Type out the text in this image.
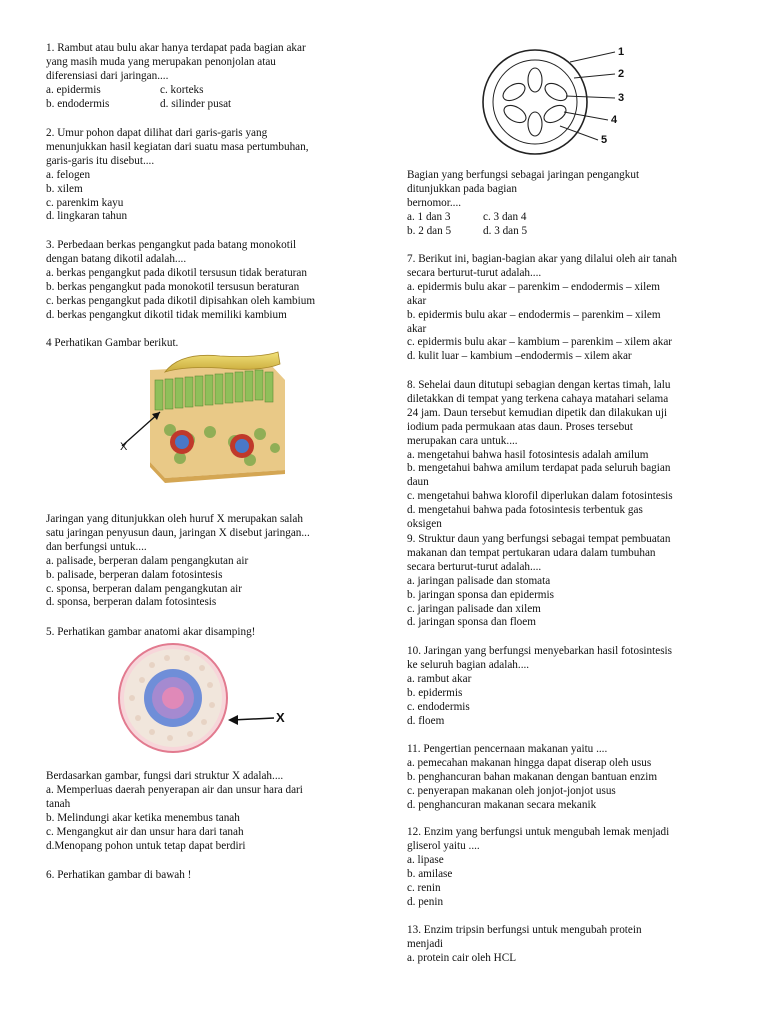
1. Rambut atau bulu akar hanya terdapat pada bagian akar
yang masih muda yang merupakan penonjolan atau
diferensiasi dari jaringan....

a. epidermis	c. korteks
b. endodermis	d. silinder pusat

2. Umur pohon dapat dilihat dari garis-garis yang
menunjukkan hasil kegiatan dari suatu masa pertumbuhan,
garis-garis itu disebut....

a. felogen

b. xilem

c. parenkim kayu

d. lingkaran tahun

3. Perbedaan berkas pengangkut pada batang monokotil
dengan batang dikotil adalah....

a. berkas pengangkut pada dikotil tersusun tidak beraturan

b. berkas pengangkut pada monokotil tersusun beraturan

c. berkas pengangkut pada dikotil dipisahkan oleh kambium

d. berkas pengangkut dikotil tidak memiliki kambium

4 Perhatikan Gambar berikut.
X

Jaringan yang ditunjukkan oleh huruf X merupakan salah
satu jaringan penyusun daun, jaringan X disebut jaringan...
dan berfungsi untuk....

a. palisade, berperan dalam pengangkutan air

b. palisade, berperan dalam fotosintesis

c. sponsa, berperan dalam pengangkutan air

d. sponsa, berperan dalam fotosintesis

5. Perhatikan gambar anatomi akar disamping!
X

Berdasarkan gambar, fungsi dari struktur X adalah....

a. Memperluas daerah penyerapan air dan unsur hara dari
tanah

b. Melindungi akar ketika menembus tanah

c. Mengangkut air dan unsur hara dari tanah

d.Menopang pohon untuk tetap dapat berdiri

6. Perhatikan gambar di bawah !
1
2
3
4
5

Bagian yang berfungsi sebagai jaringan pengangkut
ditunjukkan pada bagian
bernomor....

a. 1 dan 3	c. 3 dan 4
b. 2 dan 5	d. 3 dan 5

7. Berikut ini, bagian-bagian akar yang dilalui oleh air tanah
secara berturut-turut adalah....

a. epidermis bulu akar – parenkim – endodermis – xilem
akar

b. epidermis bulu akar – endodermis – parenkim – xilem
akar

c. epidermis bulu akar – kambium – parenkim – xilem akar

d. kulit luar – kambium –endodermis – xilem akar

8. Sehelai daun ditutupi sebagian dengan kertas timah, lalu
diletakkan di tempat yang terkena cahaya matahari selama
24 jam. Daun tersebut kemudian dipetik dan dilakukan uji
iodium pada permukaan atas daun. Proses tersebut
merupakan cara untuk....

a. mengetahui bahwa hasil fotosintesis adalah amilum

b. mengetahui bahwa amilum terdapat pada seluruh bagian
daun

c. mengetahui bahwa klorofil diperlukan dalam fotosintesis

d. mengetahui bahwa pada fotosintesis terbentuk gas
oksigen

9. Struktur daun yang berfungsi sebagai tempat pembuatan
makanan dan tempat pertukaran udara dalam tumbuhan
secara berturut-turut adalah....

a. jaringan palisade dan stomata

b. jaringan sponsa dan epidermis

c. jaringan palisade dan xilem

d. jaringan sponsa dan floem

10. Jaringan yang berfungsi menyebarkan hasil fotosintesis
ke seluruh bagian adalah....

a. rambut akar

b. epidermis

c. endodermis

d. floem

11. Pengertian pencernaan makanan yaitu ....

a. pemecahan makanan hingga dapat diserap oleh usus

b. penghancuran bahan makanan dengan bantuan enzim

c. penyerapan makanan oleh jonjot-jonjot usus

d. penghancuran makanan secara mekanik

12. Enzim yang berfungsi untuk mengubah lemak menjadi
gliserol yaitu ....

a. lipase

b. amilase

c. renin

d. penin

13. Enzim tripsin berfungsi untuk mengubah protein
menjadi

a. protein cair oleh HCL
